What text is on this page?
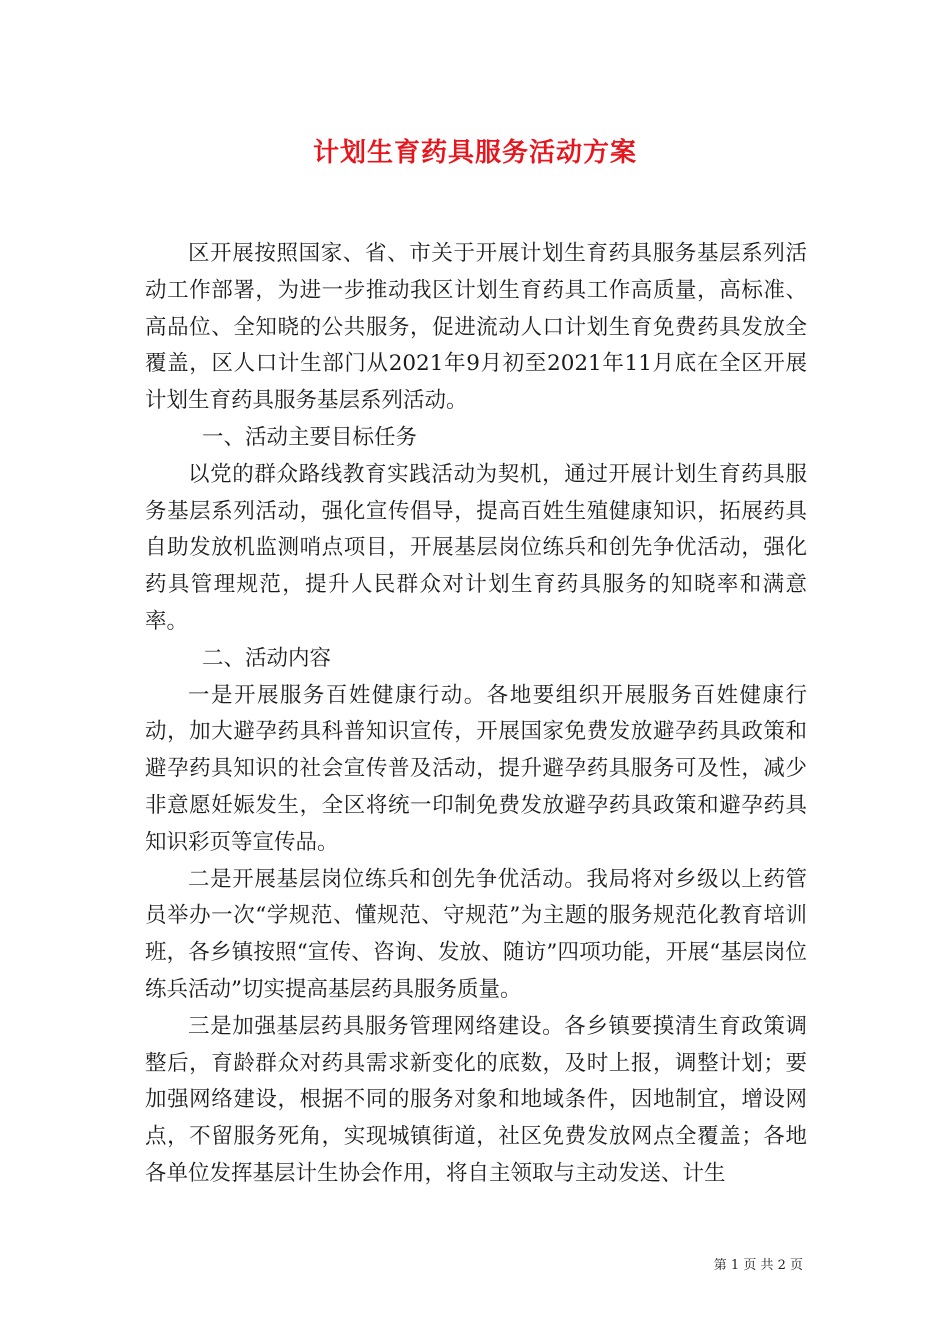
计划生育药具服务活动方案

区开展按照国家、省、市关于开展计划生育药具服务基层系列活动工作部署，为进一步推动我区计划生育药具工作高质量，高标准、高品位、全知晓的公共服务，促进流动人口计划生育免费药具发放全覆盖，区人口计生部门从2021年9月初至2021年11月底在全区开展计划生育药具服务基层系列活动。

一、活动主要目标任务

以党的群众路线教育实践活动为契机，通过开展计划生育药具服务基层系列活动，强化宣传倡导，提高百姓生殖健康知识，拓展药具自助发放机监测哨点项目，开展基层岗位练兵和创先争优活动，强化药具管理规范，提升人民群众对计划生育药具服务的知晓率和满意率。

二、活动内容

一是开展服务百姓健康行动。各地要组织开展服务百姓健康行动，加大避孕药具科普知识宣传，开展国家免费发放避孕药具政策和避孕药具知识的社会宣传普及活动，提升避孕药具服务可及性，减少非意愿妊娠发生，全区将统一印制免费发放避孕药具政策和避孕药具知识彩页等宣传品。

二是开展基层岗位练兵和创先争优活动。我局将对乡级以上药管员举办一次“学规范、懂规范、守规范”为主题的服务规范化教育培训班，各乡镇按照“宣传、咨询、发放、随访”四项功能，开展“基层岗位练兵活动”切实提高基层药具服务质量。

三是加强基层药具服务管理网络建设。各乡镇要摸清生育政策调整后，育龄群众对药具需求新变化的底数，及时上报，调整计划；要加强网络建设，根据不同的服务对象和地域条件，因地制宜，增设网点，不留服务死角，实现城镇街道，社区免费发放网点全覆盖；各地各单位发挥基层计生协会作用，将自主领取与主动发送、计生

第 1 页 共 2 页
